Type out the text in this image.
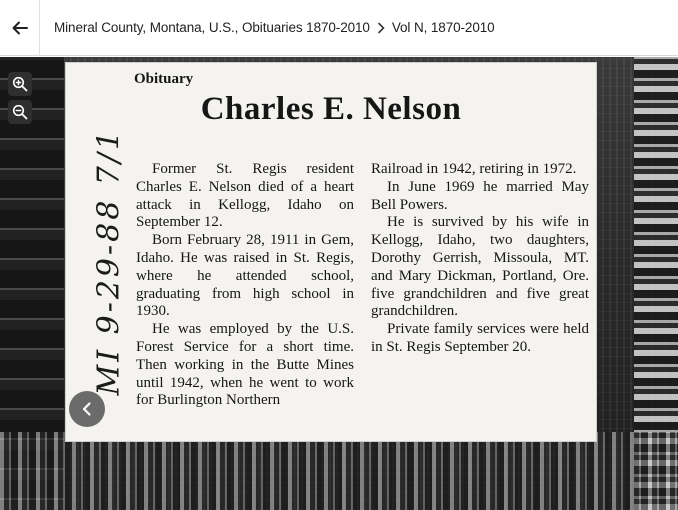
Mineral County, Montana, U.S., Obituaries 1870-2010 Vol N, 1870-2010
Obituary
Charles E. Nelson
MI 9-29-88 7/1	Former St. Regis resident Charles E. Nelson died of a heart attack in Kellogg, Idaho on September 12.

Born February 28, 1911 in Gem, Idaho. He was raised in St. Regis, where he attended school, graduating from high school in 1930.

He was employed by the U.S. Forest Service for a short time. Then working in the Butte Mines until 1942, when he went to work for Burlington Northern

Railroad in 1942, retiring in 1972.

In June 1969 he married May Bell Powers.

He is survived by his wife in Kellogg, Idaho, two daughters, Dorothy Gerrish, Missoula, MT. and Mary Dickman, Portland, Ore. five grandchildren and five great grandchildren.

Private family services were held in St. Regis September 20.
